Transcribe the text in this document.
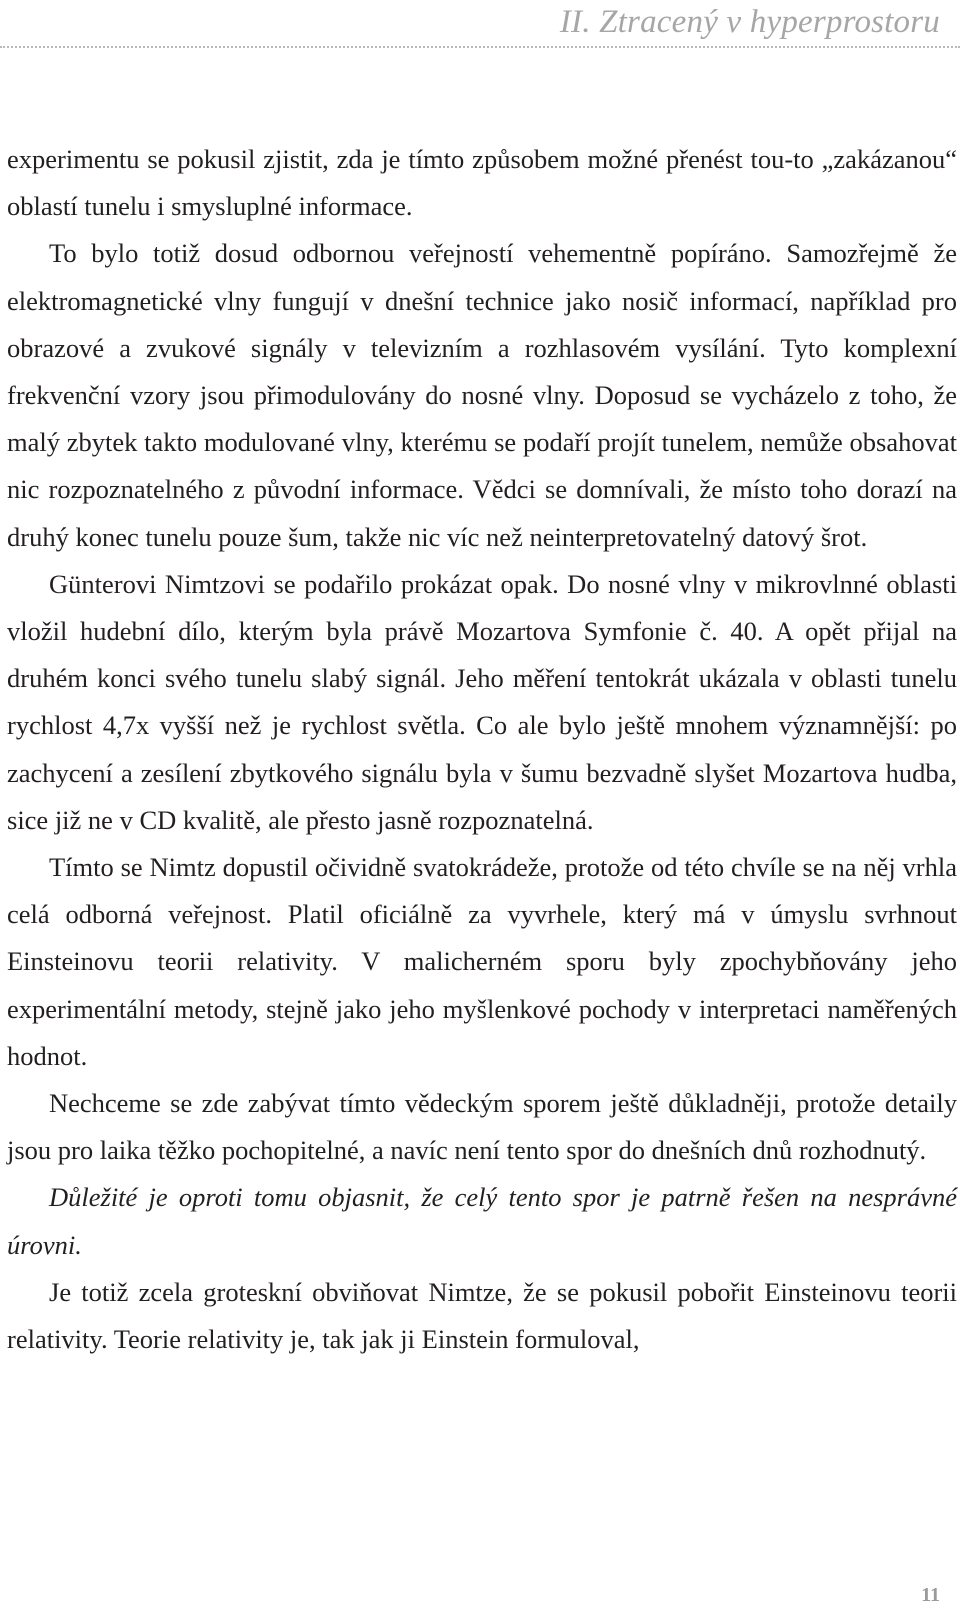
II. Ztracený v hyperprostoru

experimentu se pokusil zjistit, zda je tímto způsobem možné přenést tou-to „zakázanou“ oblastí tunelu i smysluplné informace.

To bylo totiž dosud odbornou veřejností vehementně popíráno. Samozřejmě že elektromagnetické vlny fungují v dnešní technice jako nosič informací, například pro obrazové a zvukové signály v televizním a rozhlasovém vysílání. Tyto komplexní frekvenční vzory jsou přimodulovány do nosné vlny. Doposud se vycházelo z toho, že malý zbytek takto modulované vlny, kterému se podaří projít tunelem, nemůže obsahovat nic rozpoznatelného z původní informace. Vědci se domnívali, že místo toho dorazí na druhý konec tunelu pouze šum, takže nic víc než neinterpretovatelný datový šrot.

Günterovi Nimtzovi se podařilo prokázat opak. Do nosné vlny v mikrovlnné oblasti vložil hudební dílo, kterým byla právě Mozartova Symfonie č. 40. A opět přijal na druhém konci svého tunelu slabý signál. Jeho měření tentokrát ukázala v oblasti tunelu rychlost 4,7x vyšší než je rychlost světla. Co ale bylo ještě mnohem významnější: po zachycení a zesílení zbytkového signálu byla v šumu bezvadně slyšet Mozartova hudba, sice již ne v CD kvalitě, ale přesto jasně rozpoznatelná.

Tímto se Nimtz dopustil očividně svatokrádeže, protože od této chvíle se na něj vrhla celá odborná veřejnost. Platil oficiálně za vyvrhele, který má v úmyslu svrhnout Einsteinovu teorii relativity. V malicherném sporu byly zpochybňovány jeho experimentální metody, stejně jako jeho myšlenkové pochody v interpretaci naměřených hodnot.

Nechceme se zde zabývat tímto vědeckým sporem ještě důkladněji, protože detaily jsou pro laika těžko pochopitelné, a navíc není tento spor do dnešních dnů rozhodnutý.

Důležité je oproti tomu objasnit, že celý tento spor je patrně řešen na nesprávné úrovni.

Je totiž zcela groteskní obviňovat Nimtze, že se pokusil pobořit Einsteinovu teorii relativity. Teorie relativity je, tak jak ji Einstein formuloval,

11
